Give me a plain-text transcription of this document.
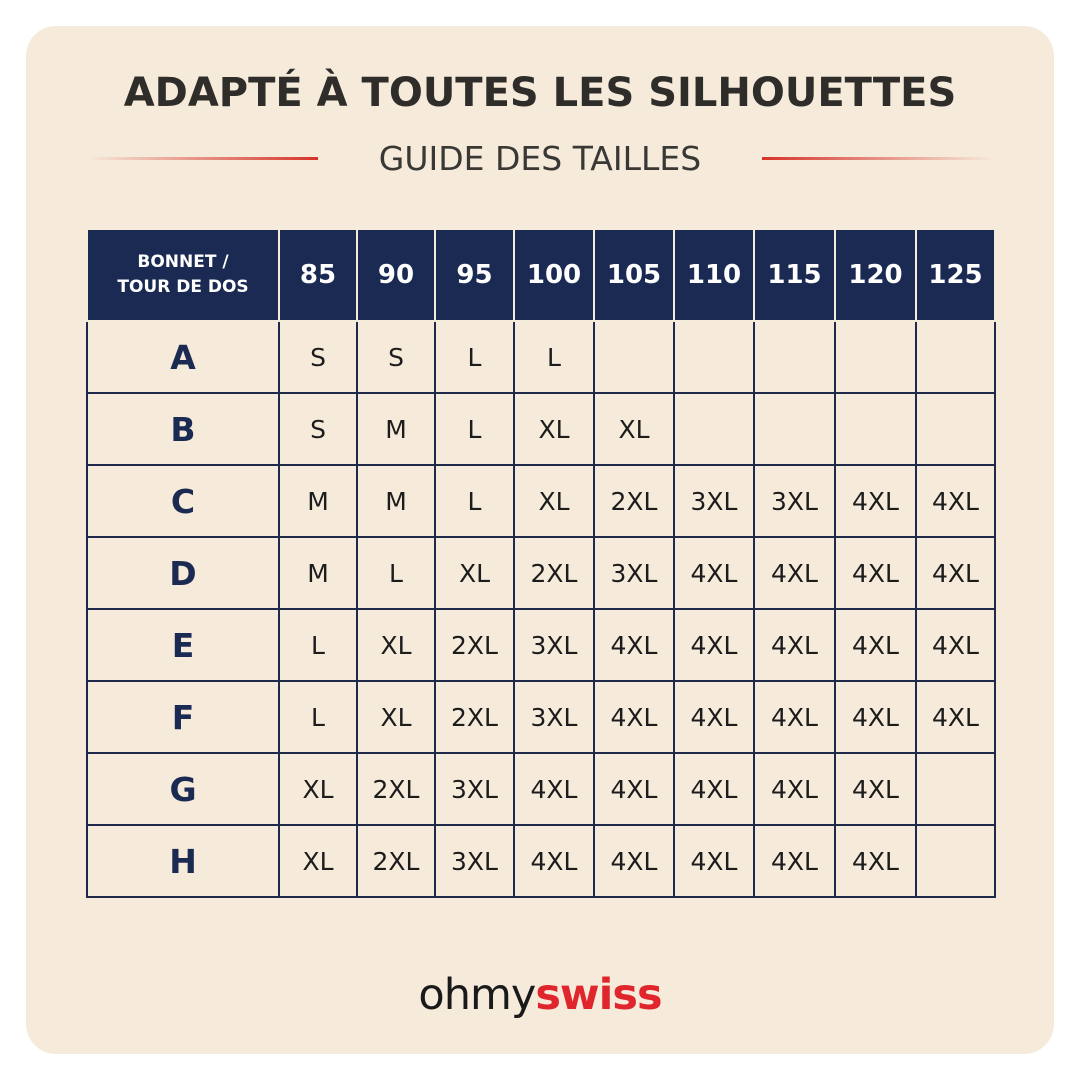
ADAPTÉ À TOUTES LES SILHOUETTES
GUIDE DES TAILLES
BONNET /
TOUR DE DOS	85	90	95	100	105	110	115	120	125
A	S	S	L	L					
B	S	M	L	XL	XL				
C	M	M	L	XL	2XL	3XL	3XL	4XL	4XL
D	M	L	XL	2XL	3XL	4XL	4XL	4XL	4XL
E	L	XL	2XL	3XL	4XL	4XL	4XL	4XL	4XL
F	L	XL	2XL	3XL	4XL	4XL	4XL	4XL	4XL
G	XL	2XL	3XL	4XL	4XL	4XL	4XL	4XL	
H	XL	2XL	3XL	4XL	4XL	4XL	4XL	4XL	
ohmyswiss
